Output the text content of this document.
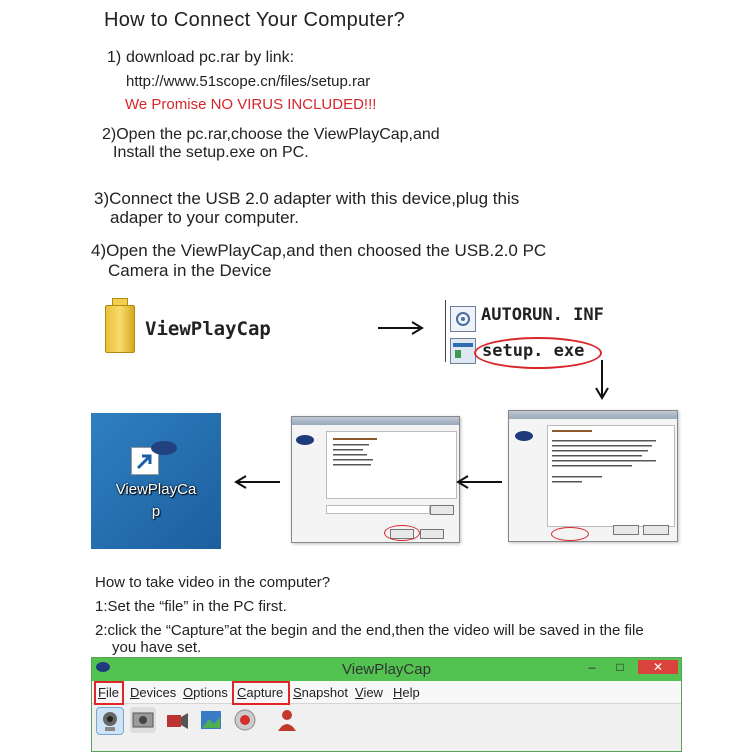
How to Connect Your Computer?
1) download pc.rar by link:
http://www.51scope.cn/files/setup.rar
We Promise NO VIRUS INCLUDED!!!
2)Open the pc.rar,choose the ViewPlayCap,and
Install the setup.exe on PC.
3)Connect the USB 2.0 adapter with this device,plug this
adaper to your computer.
4)Open the ViewPlayCap,and then choosed the USB.2.0 PC
Camera in the Device
ViewPlayCap
AUTORUN. INF
setup. exe
ViewPlayCa
p
How to take video in the computer?
1:Set the “file” in the PC first.
2:click the “Capture”at the begin and the end,then the video will be saved in the file
you have set.
ViewPlayCap	–	□	✕
File Devices Options Capture Snapshot View Help
